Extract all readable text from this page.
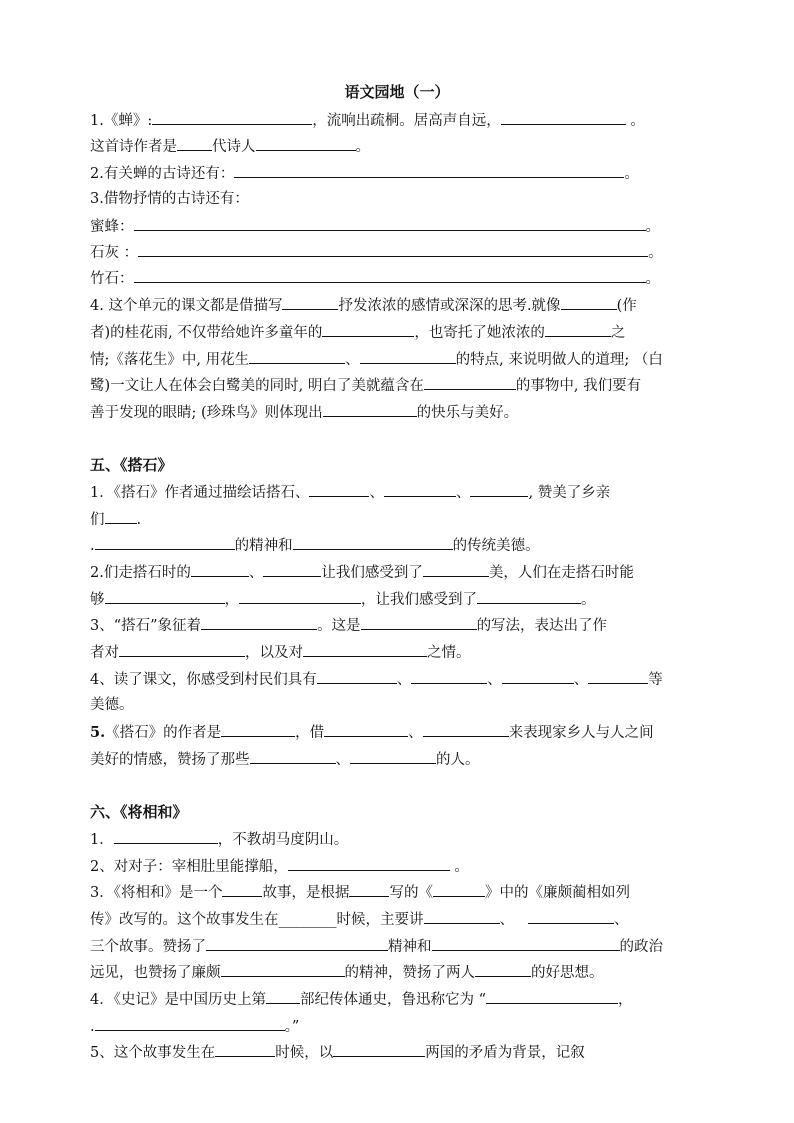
语文园地（一）
1.《蝉》:	，流响出疏桐。居高声自远，	。
这首诗作者是 代诗人	。
2.有关蝉的古诗还有：	。
3.借物抒情的古诗还有：
蜜蜂：	。
石灰 ：	。
竹石：	。
4. 这个单元的课文都是借描写	抒发浓浓的感情或深深的思考.就像	(作
者)的桂花雨, 不仅带给她许多童年的	，也寄托了她浓浓的	之
情;《落花生》中, 用花生	、	的特点, 来说明做人的道理; （白
鹭)一文让人在体会白鹭美的同时, 明白了美就蕴含在	的事物中, 我们要有
善于发现的眼睛; (珍珠鸟》则体现出	的快乐与美好。
五、《搭石》
1．《搭石》作者通过描绘话搭石、	、	、	, 赞美了乡亲
们 .
.	的精神和	的传统美德。
2.们走搭石时的	、	让我们感受到了	美，人们在走搭石时能
够	，	，让我们感受到了	。
3、“搭石”象征着	。这是	的写法，表达出了作
者对	，以及对	之情。
4、读了课文，你感受到村民们具有	、	、	、	等
美德。
5.《搭石》的作者是	，借	、	来表现家乡人与人之间
美好的情感，赞扬了那些	、	的人。
六、《将相和》
1．	，不教胡马度阴山。
2、对对子：宰相肚里能撑船，	。
3．《将相和》是一个	故事，是根据	写的《	》中的《廉颇蔺相如列
传》改写的。这个故事发生在________时候，主要讲	、	、
三个故事。赞扬了	精神和	的政治
远见，也赞扬了廉颇	的精神，赞扬了两人	的好思想。
4．《史记》是中国历史上第 部纪传体通史，鲁迅称它为 “	，
.	。”
5、这个故事发生在	时候，以	两国的矛盾为背景，记叙
